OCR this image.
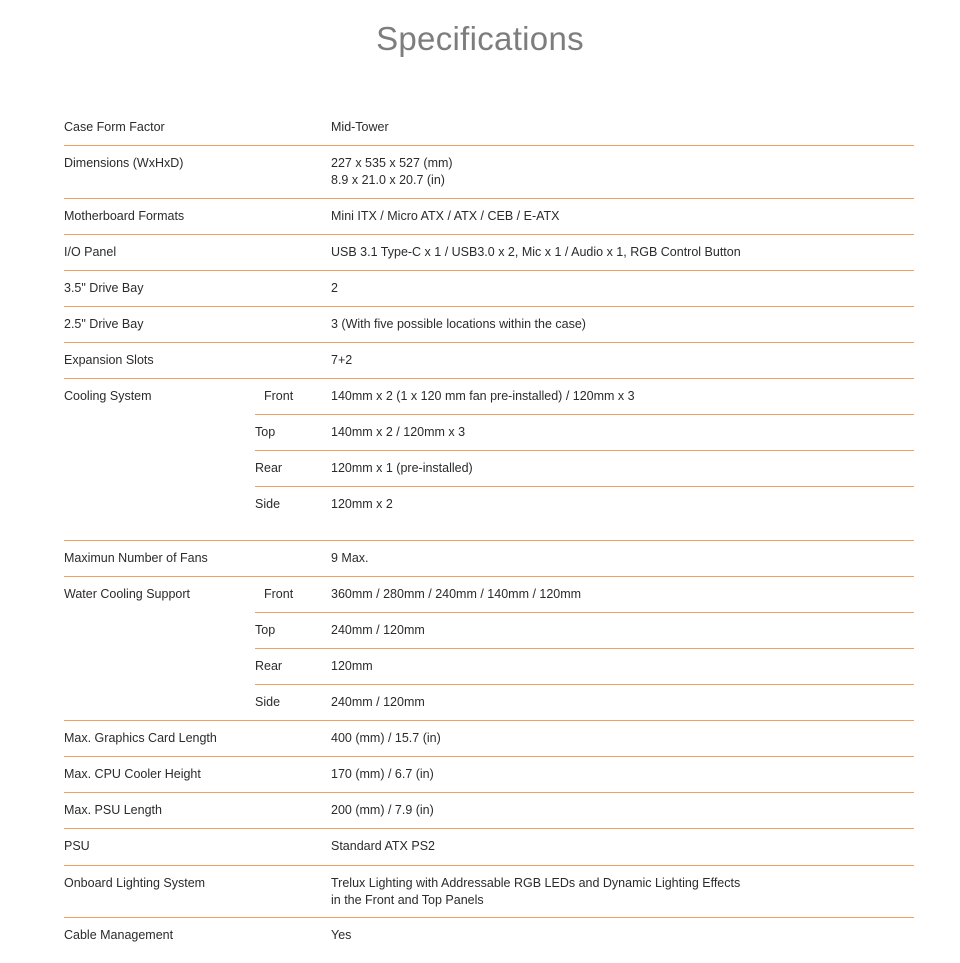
Specifications
Case Form Factor	Mid-Tower
Dimensions (WxHxD)	227 x 535 x 527 (mm)
8.9 x 21.0 x 20.7 (in)
Motherboard Formats	Mini ITX / Micro ATX / ATX / CEB / E-ATX
I/O Panel	USB 3.1 Type-C x 1 / USB3.0 x 2, Mic x 1 / Audio x 1, RGB Control Button
3.5" Drive Bay	2
2.5" Drive Bay	3 (With five possible locations within the case)
Expansion Slots	7+2
Cooling System	Front	140mm x 2 (1 x 120 mm fan pre-installed) / 120mm x 3
Top	140mm x 2 / 120mm x 3
Rear	120mm x 1 (pre-installed)
Side	120mm x 2
Maximun Number of Fans	9 Max.
Water Cooling Support	Front	360mm / 280mm / 240mm / 140mm / 120mm
Top	240mm / 120mm
Rear	120mm
Side	240mm / 120mm
Max. Graphics Card Length	400 (mm) / 15.7 (in)
Max. CPU Cooler Height	170 (mm) / 6.7 (in)
Max. PSU Length	200 (mm) / 7.9 (in)
PSU	Standard ATX PS2
Onboard Lighting System	Trelux Lighting with Addressable RGB LEDs and Dynamic Lighting Effects
in the Front and Top Panels
Cable Management	Yes
